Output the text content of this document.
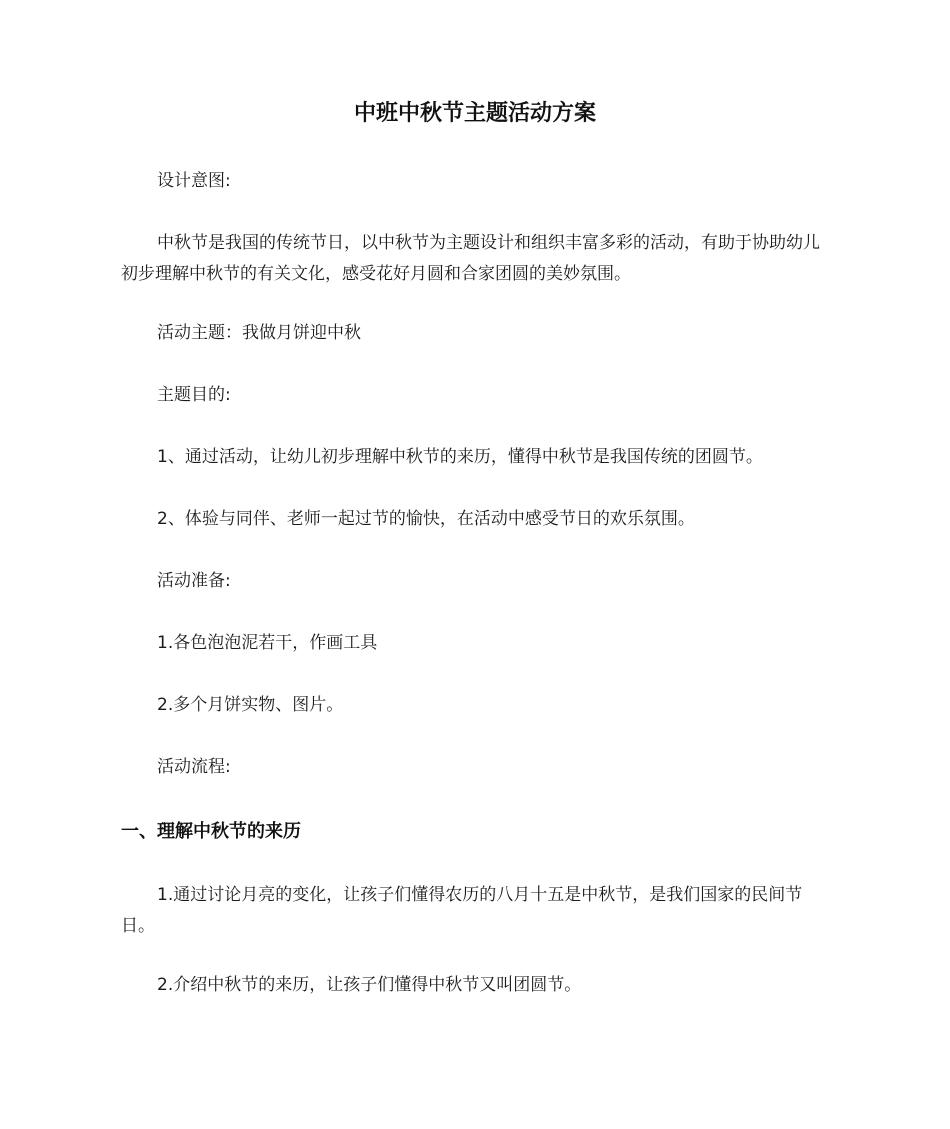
中班中秋节主题活动方案

设计意图:

中秋节是我国的传统节日，以中秋节为主题设计和组织丰富多彩的活动，有助于协助幼儿初步理解中秋节的有关文化，感受花好月圆和合家团圆的美妙氛围。

活动主题：我做月饼迎中秋

主题目的:

1、通过活动，让幼儿初步理解中秋节的来历，懂得中秋节是我国传统的团圆节。

2、体验与同伴、老师一起过节的愉快，在活动中感受节日的欢乐氛围。

活动准备:

1.各色泡泡泥若干，作画工具

2.多个月饼实物、图片。

活动流程:

一、理解中秋节的来历

1.通过讨论月亮的变化，让孩子们懂得农历的八月十五是中秋节，是我们国家的民间节日。

2.介绍中秋节的来历，让孩子们懂得中秋节又叫团圆节。
